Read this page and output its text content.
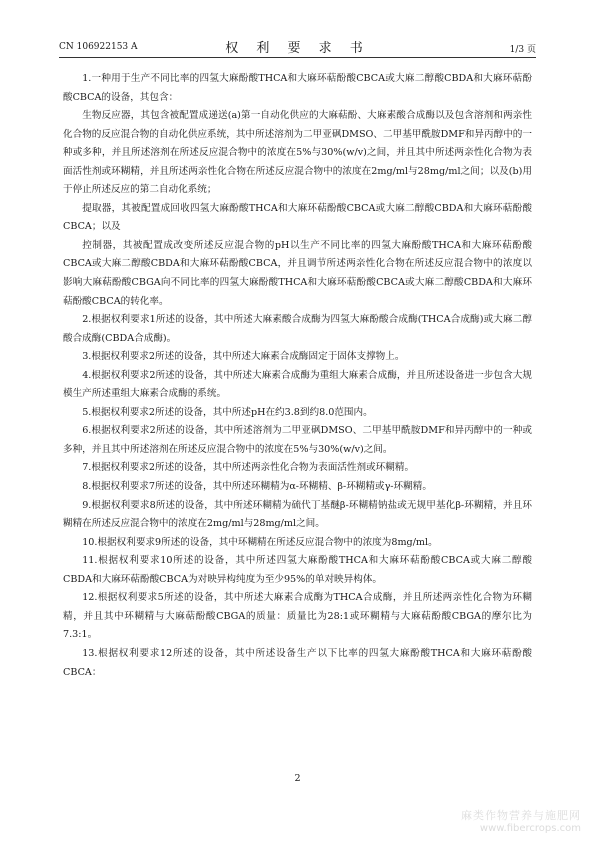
CN 106922153 A	权 利 要 求 书	1/3 页

1.一种用于生产不同比率的四氢大麻酚酸THCA和大麻环萜酚酸CBCA或大麻二醇酸CBDA和大麻环萜酚酸CBCA的设备，其包含：

生物反应器，其包含被配置成递送(a)第一自动化供应的大麻萜酚、大麻素酸合成酶以及包含溶剂和两亲性化合物的反应混合物的自动化供应系统，其中所述溶剂为二甲亚砜DMSO、二甲基甲酰胺DMF和异丙醇中的一种或多种，并且所述溶剂在所述反应混合物中的浓度在5%与30%(w/v)之间，并且其中所述两亲性化合物为表面活性剂或环糊精，并且所述两亲性化合物在所述反应混合物中的浓度在2mg/ml与28mg/ml之间；以及(b)用于停止所述反应的第二自动化系统；

提取器，其被配置成回收四氢大麻酚酸THCA和大麻环萜酚酸CBCA或大麻二醇酸CBDA和大麻环萜酚酸CBCA；以及

控制器，其被配置成改变所述反应混合物的pH以生产不同比率的四氢大麻酚酸THCA和大麻环萜酚酸CBCA或大麻二醇酸CBDA和大麻环萜酚酸CBCA，并且调节所述两亲性化合物在所述反应混合物中的浓度以影响大麻萜酚酸CBGA向不同比率的四氢大麻酚酸THCA和大麻环萜酚酸CBCA或大麻二醇酸CBDA和大麻环萜酚酸CBCA的转化率。

2.根据权利要求1所述的设备，其中所述大麻素酸合成酶为四氢大麻酚酸合成酶(THCA合成酶)或大麻二醇酸合成酶(CBDA合成酶)。

3.根据权利要求2所述的设备，其中所述大麻素合成酶固定于固体支撑物上。

4.根据权利要求2所述的设备，其中所述大麻素合成酶为重组大麻素合成酶，并且所述设备进一步包含大规模生产所述重组大麻素合成酶的系统。

5.根据权利要求2所述的设备，其中所述pH在约3.8到约8.0范围内。

6.根据权利要求2所述的设备，其中所述溶剂为二甲亚砜DMSO、二甲基甲酰胺DMF和异丙醇中的一种或多种，并且其中所述溶剂在所述反应混合物中的浓度在5%与30%(w/v)之间。

7.根据权利要求2所述的设备，其中所述两亲性化合物为表面活性剂或环糊精。

8.根据权利要求7所述的设备，其中所述环糊精为α-环糊精、β-环糊精或γ-环糊精。

9.根据权利要求8所述的设备，其中所述环糊精为硫代丁基醚β-环糊精钠盐或无规甲基化β-环糊精，并且环糊精在所述反应混合物中的浓度在2mg/ml与28mg/ml之间。

10.根据权利要求9所述的设备，其中环糊精在所述反应混合物中的浓度为8mg/ml。

11.根据权利要求10所述的设备，其中所述四氢大麻酚酸THCA和大麻环萜酚酸CBCA或大麻二醇酸CBDA和大麻环萜酚酸CBCA为对映异构纯度为至少95%的单对映异构体。

12.根据权利要求5所述的设备，其中所述大麻素合成酶为THCA合成酶，并且所述两亲性化合物为环糊精，并且其中环糊精与大麻萜酚酸CBGA的质量：质量比为28:1或环糊精与大麻萜酚酸CBGA的摩尔比为7.3:1。

13.根据权利要求12所述的设备，其中所述设备生产以下比率的四氢大麻酚酸THCA和大麻环萜酚酸CBCA：

2
麻类作物营养与施肥网
www.fibercrops.com
